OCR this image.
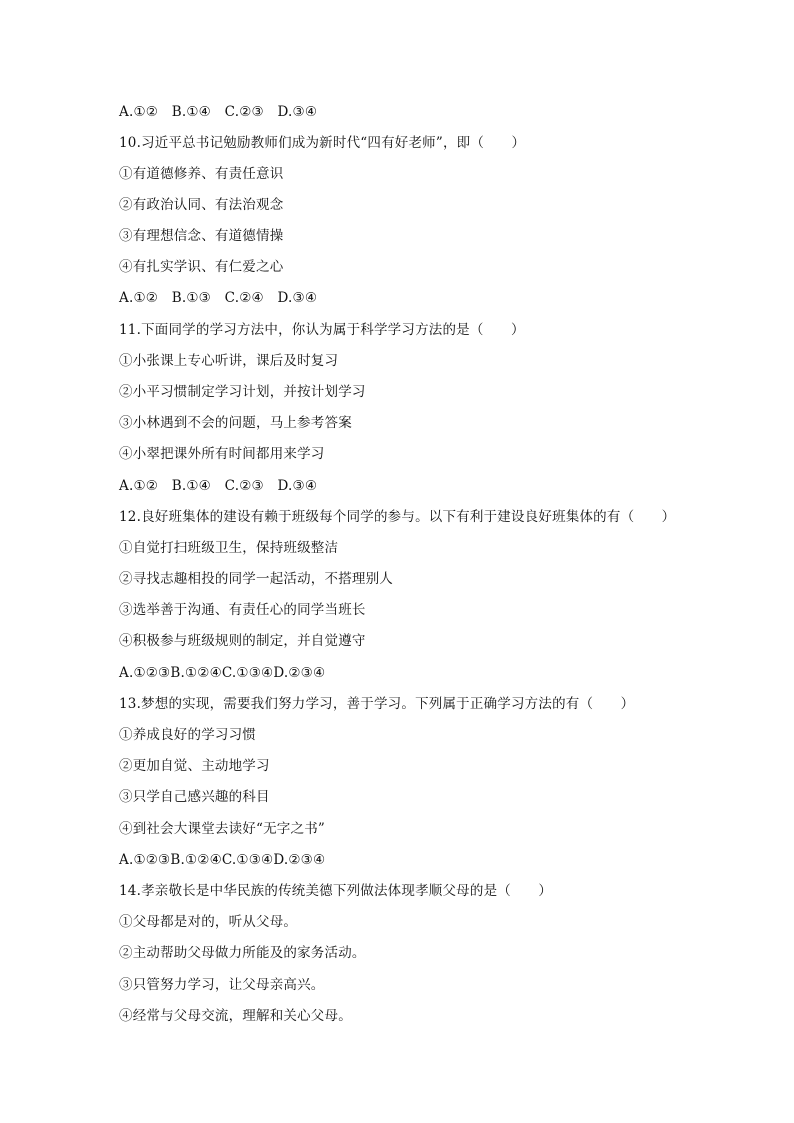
A.①②　B.①④　C.②③　D.③④
10.习近平总书记勉励教师们成为新时代“四有好老师”，即（　　）
①有道德修养、有责任意识
②有政治认同、有法治观念
③有理想信念、有道德情操
④有扎实学识、有仁爱之心
A.①②　B.①③　C.②④　D.③④
11.下面同学的学习方法中，你认为属于科学学习方法的是（　　）
①小张课上专心听讲，课后及时复习
②小平习惯制定学习计划，并按计划学习
③小林遇到不会的问题，马上参考答案
④小翠把课外所有时间都用来学习
A.①②　B.①④　C.②③　D.③④
12.良好班集体的建设有赖于班级每个同学的参与。以下有利于建设良好班集体的有（　　）
①自觉打扫班级卫生，保持班级整洁
②寻找志趣相投的同学一起活动，不搭理别人
③选举善于沟通、有责任心的同学当班长
④积极参与班级规则的制定，并自觉遵守
A.①②③B.①②④C.①③④D.②③④
13.梦想的实现，需要我们努力学习，善于学习。下列属于正确学习方法的有（　　）
①养成良好的学习习惯
②更加自觉、主动地学习
③只学自己感兴趣的科目
④到社会大课堂去读好“无字之书”
A.①②③B.①②④C.①③④D.②③④
14.孝亲敬长是中华民族的传统美德下列做法体现孝顺父母的是（　　）
①父母都是对的，听从父母。
②主动帮助父母做力所能及的家务活动。
③只管努力学习，让父母亲高兴。
④经常与父母交流，理解和关心父母。
